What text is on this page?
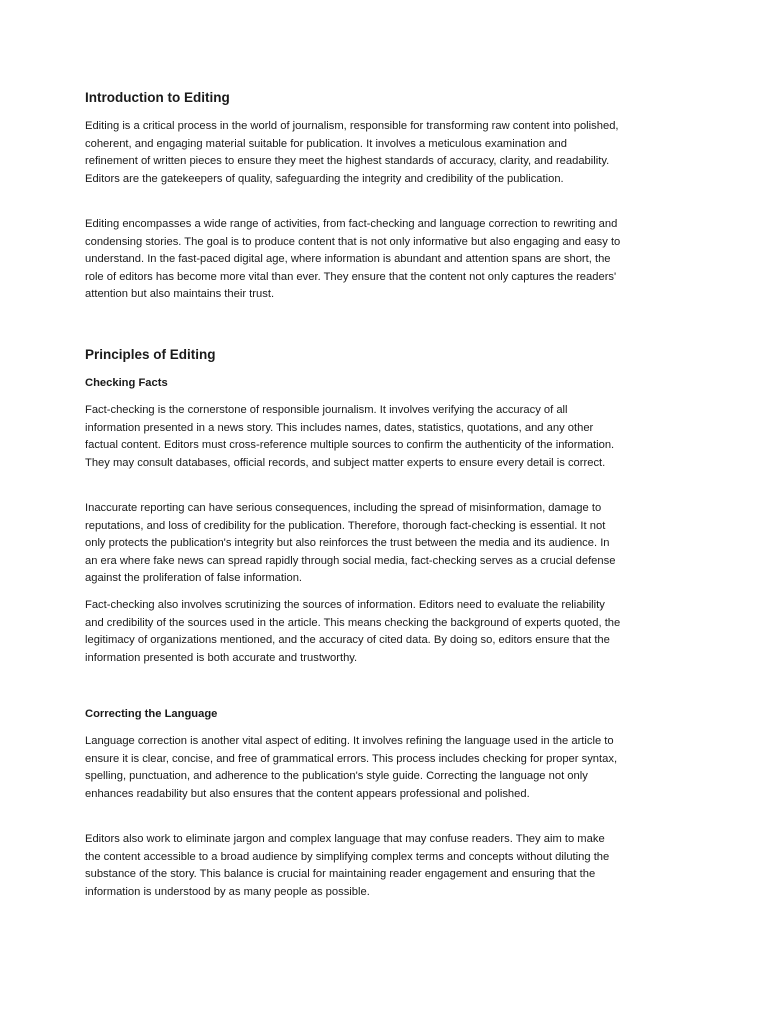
Introduction to Editing

Editing is a critical process in the world of journalism, responsible for transforming raw content into polished, coherent, and engaging material suitable for publication. It involves a meticulous examination and refinement of written pieces to ensure they meet the highest standards of accuracy, clarity, and readability. Editors are the gatekeepers of quality, safeguarding the integrity and credibility of the publication.

Editing encompasses a wide range of activities, from fact-checking and language correction to rewriting and condensing stories. The goal is to produce content that is not only informative but also engaging and easy to understand. In the fast-paced digital age, where information is abundant and attention spans are short, the role of editors has become more vital than ever. They ensure that the content not only captures the readers' attention but also maintains their trust.

Principles of Editing
Checking Facts

Fact-checking is the cornerstone of responsible journalism. It involves verifying the accuracy of all information presented in a news story. This includes names, dates, statistics, quotations, and any other factual content. Editors must cross-reference multiple sources to confirm the authenticity of the information. They may consult databases, official records, and subject matter experts to ensure every detail is correct.

Inaccurate reporting can have serious consequences, including the spread of misinformation, damage to reputations, and loss of credibility for the publication. Therefore, thorough fact-checking is essential. It not only protects the publication's integrity but also reinforces the trust between the media and its audience. In an era where fake news can spread rapidly through social media, fact-checking serves as a crucial defense against the proliferation of false information.

Fact-checking also involves scrutinizing the sources of information. Editors need to evaluate the reliability and credibility of the sources used in the article. This means checking the background of experts quoted, the legitimacy of organizations mentioned, and the accuracy of cited data. By doing so, editors ensure that the information presented is both accurate and trustworthy.

Correcting the Language

Language correction is another vital aspect of editing. It involves refining the language used in the article to ensure it is clear, concise, and free of grammatical errors. This process includes checking for proper syntax, spelling, punctuation, and adherence to the publication's style guide. Correcting the language not only enhances readability but also ensures that the content appears professional and polished.

Editors also work to eliminate jargon and complex language that may confuse readers. They aim to make the content accessible to a broad audience by simplifying complex terms and concepts without diluting the substance of the story. This balance is crucial for maintaining reader engagement and ensuring that the information is understood by as many people as possible.
